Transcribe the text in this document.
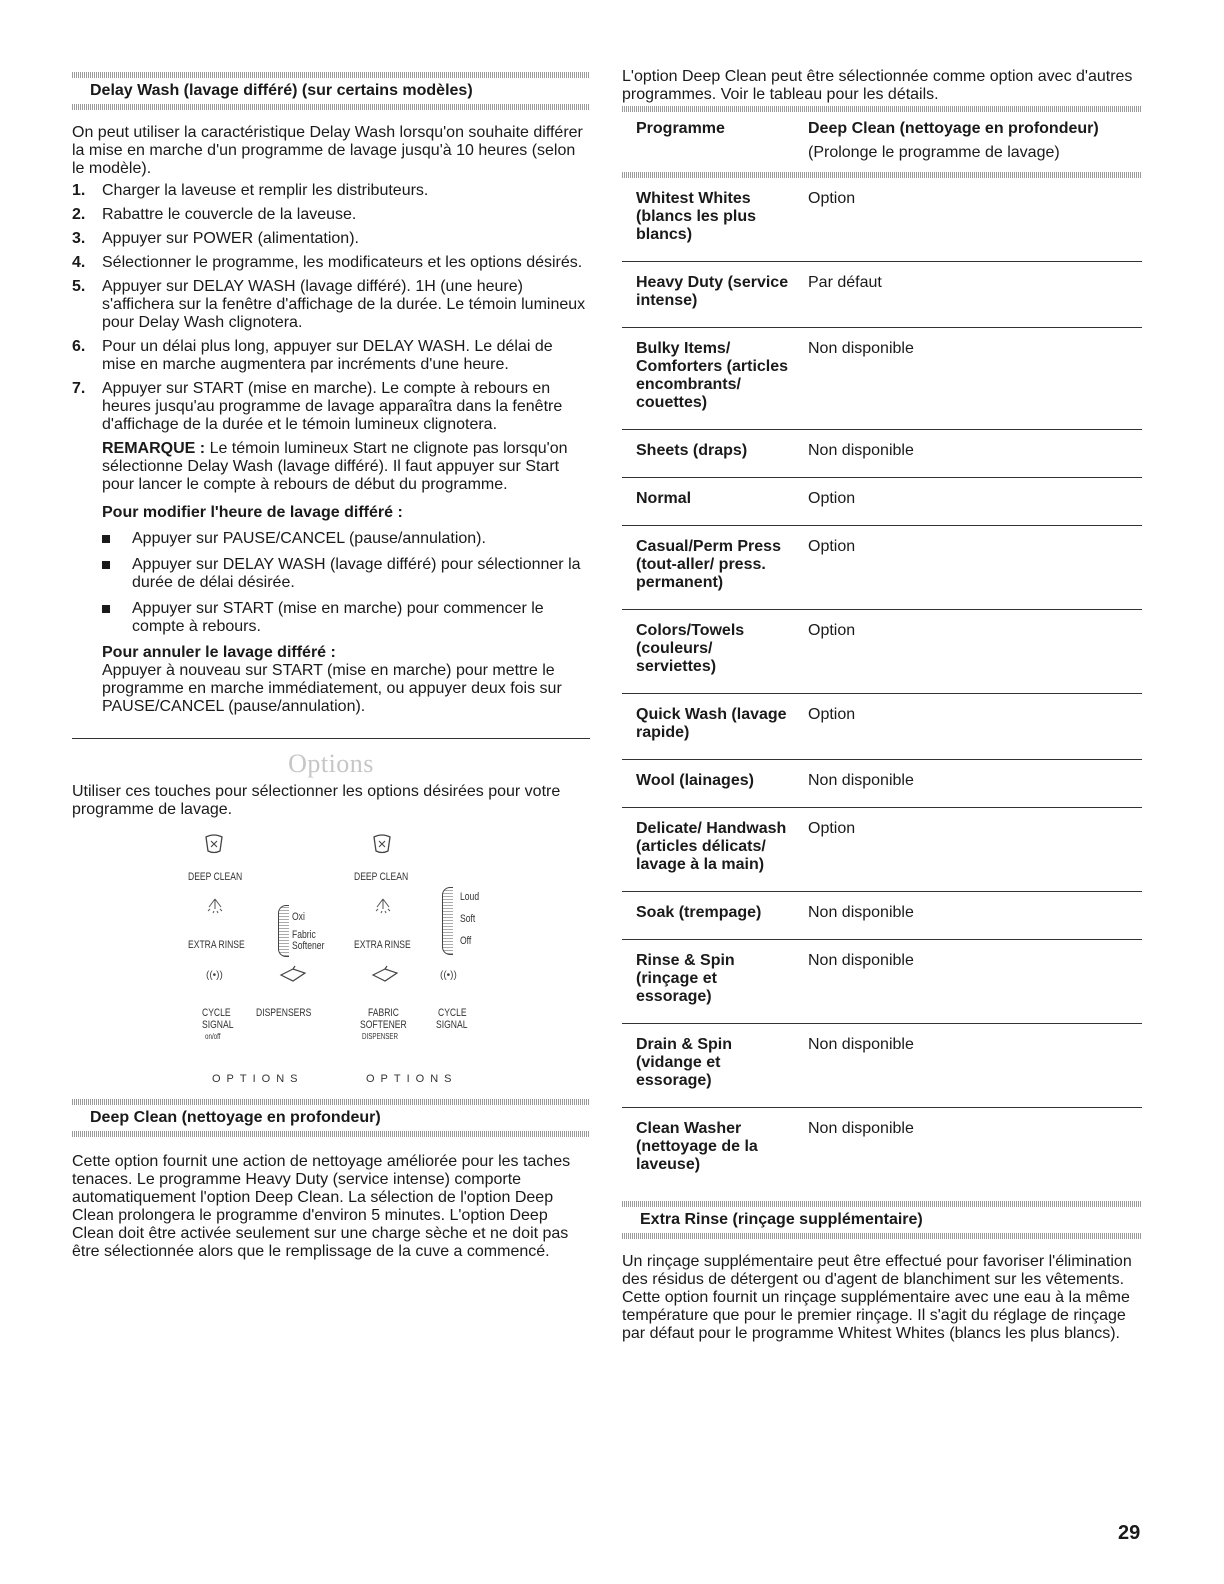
Delay Wash (lavage différé) (sur certains modèles)

On peut utiliser la caractéristique Delay Wash lorsqu'on souhaite différer la mise en marche d'un programme de lavage jusqu'à 10 heures (selon le modèle).

1. Charger la laveuse et remplir les distributeurs.
2. Rabattre le couvercle de la laveuse.
3. Appuyer sur POWER (alimentation).
4. Sélectionner le programme, les modificateurs et les options désirés.
5. Appuyer sur DELAY WASH (lavage différé). 1H (une heure) s'affichera sur la fenêtre d'affichage de la durée. Le témoin lumineux pour Delay Wash clignotera.
6. Pour un délai plus long, appuyer sur DELAY WASH. Le délai de mise en marche augmentera par incréments d'une heure.
7. Appuyer sur START (mise en marche). Le compte à rebours en heures jusqu'au programme de lavage apparaîtra dans la fenêtre d'affichage de la durée et le témoin lumineux clignotera.
REMARQUE : Le témoin lumineux Start ne clignote pas lorsqu'on sélectionne Delay Wash (lavage différé). Il faut appuyer sur Start pour lancer le compte à rebours de début du programme.
Pour modifier l'heure de lavage différé :
Appuyer sur PAUSE/CANCEL (pause/annulation).
Appuyer sur DELAY WASH (lavage différé) pour sélectionner la durée de délai désirée.
Appuyer sur START (mise en marche) pour commencer le compte à rebours.
Pour annuler le lavage différé :
Appuyer à nouveau sur START (mise en marche) pour mettre le programme en marche immédiatement, ou appuyer deux fois sur PAUSE/CANCEL (pause/annulation).
Options

Utiliser ces touches pour sélectionner les options désirées pour votre programme de lavage.

DEEP CLEAN
EXTRA RINSE
Oxi
Fabric
Softener
((•))
CYCLE
SIGNAL
on/off
DISPENSERS
OPTIONS
DEEP CLEAN
EXTRA RINSE
Loud
Soft
Off
((•))
FABRIC
SOFTENER
DISPENSER
CYCLE
SIGNAL
OPTIONS
Deep Clean (nettoyage en profondeur)

Cette option fournit une action de nettoyage améliorée pour les taches tenaces. Le programme Heavy Duty (service intense) comporte automatiquement l'option Deep Clean. La sélection de l'option Deep Clean prolongera le programme d'environ 5 minutes. L'option Deep Clean doit être activée seulement sur une charge sèche et ne doit pas être sélectionnée alors que le remplissage de la cuve a commencé.

L'option Deep Clean peut être sélectionnée comme option avec d'autres programmes. Voir le tableau pour les détails.

Programme	Deep Clean (nettoyage en profondeur)
(Prolonge le programme de lavage)

Whitest Whites (blancs les plus blancs)	Option
Heavy Duty (service intense)	Par défaut
Bulky Items/ Comforters (articles encombrants/ couettes)	Non disponible
Sheets (draps)	Non disponible
Normal	Option
Casual/Perm Press (tout-aller/ press. permanent)	Option
Colors/Towels (couleurs/ serviettes)	Option
Quick Wash (lavage rapide)	Option
Wool (lainages)	Non disponible
Delicate/ Handwash (articles délicats/ lavage à la main)	Option
Soak (trempage)	Non disponible
Rinse & Spin (rinçage et essorage)	Non disponible
Drain & Spin (vidange et essorage)	Non disponible
Clean Washer (nettoyage de la laveuse)	Non disponible
Extra Rinse (rinçage supplémentaire)

Un rinçage supplémentaire peut être effectué pour favoriser l'élimination des résidus de détergent ou d'agent de blanchiment sur les vêtements. Cette option fournit un rinçage supplémentaire avec une eau à la même température que pour le premier rinçage. Il s'agit du réglage de rinçage par défaut pour le programme Whitest Whites (blancs les plus blancs).

29
